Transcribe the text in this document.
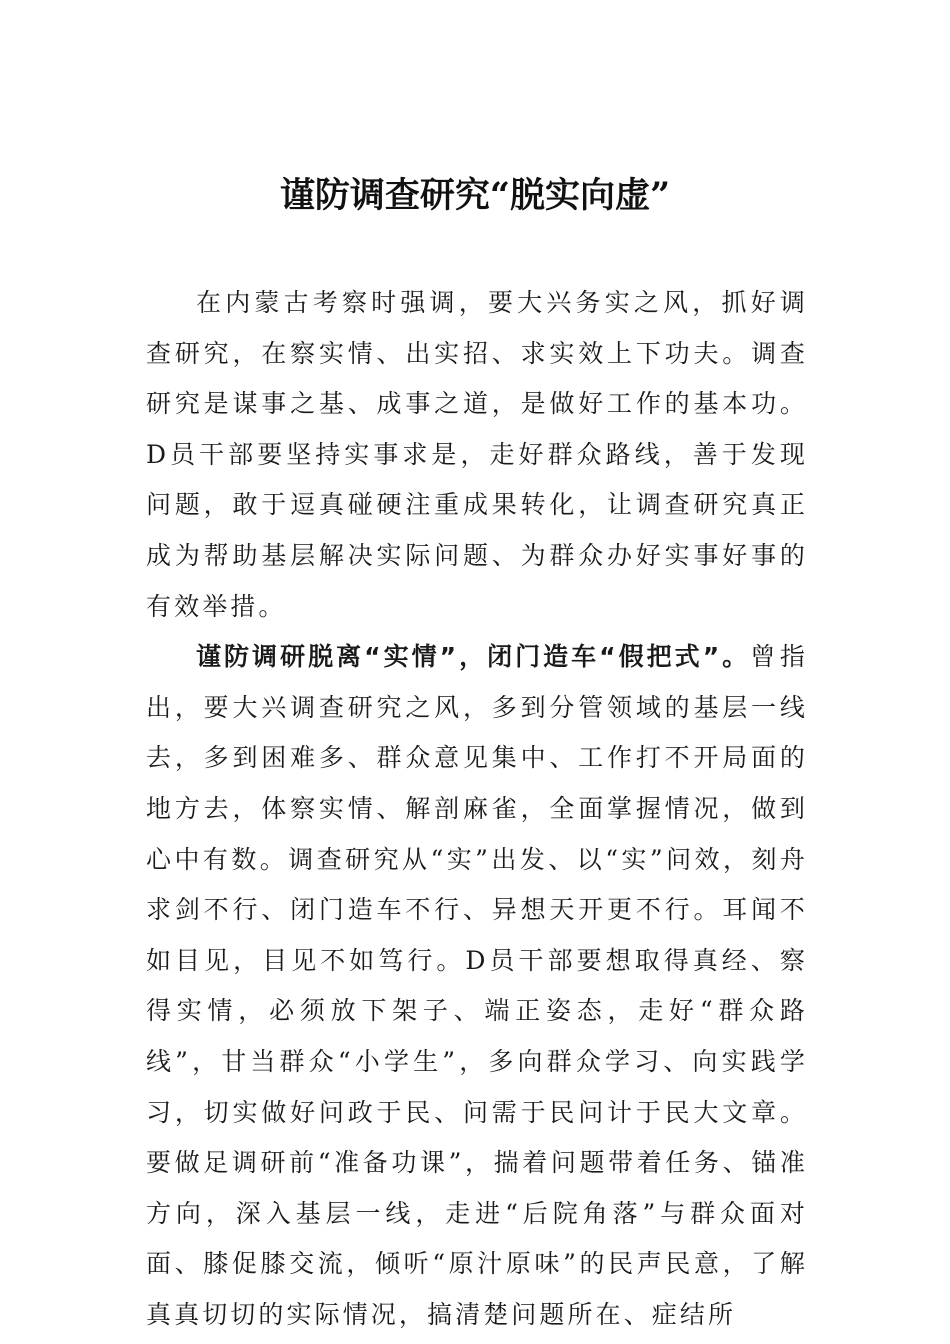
谨防调查研究“脱实向虚”

在内蒙古考察时强调，要大兴务实之风，抓好调查研究，在察实情、出实招、求实效上下功夫。调查研究是谋事之基、成事之道，是做好工作的基本功。D员干部要坚持实事求是，走好群众路线，善于发现问题，敢于逗真碰硬注重成果转化，让调查研究真正成为帮助基层解决实际问题、为群众办好实事好事的有效举措。

谨防调研脱离“实情”，闭门造车“假把式”。曾指出，要大兴调查研究之风，多到分管领域的基层一线去，多到困难多、群众意见集中、工作打不开局面的地方去，体察实情、解剖麻雀，全面掌握情况，做到心中有数。调查研究从“实”出发、以“实”问效，刻舟求剑不行、闭门造车不行、异想天开更不行。耳闻不如目见，目见不如笃行。D员干部要想取得真经、察得实情，必须放下架子、端正姿态，走好“群众路线”，甘当群众“小学生”，多向群众学习、向实践学习，切实做好问政于民、问需于民问计于民大文章。要做足调研前“准备功课”，揣着问题带着任务、锚准方向，深入基层一线，走进“后院角落”与群众面对面、膝促膝交流，倾听“原汁原味”的民声民意，了解真真切切的实际情况，搞清楚问题所在、症结所
